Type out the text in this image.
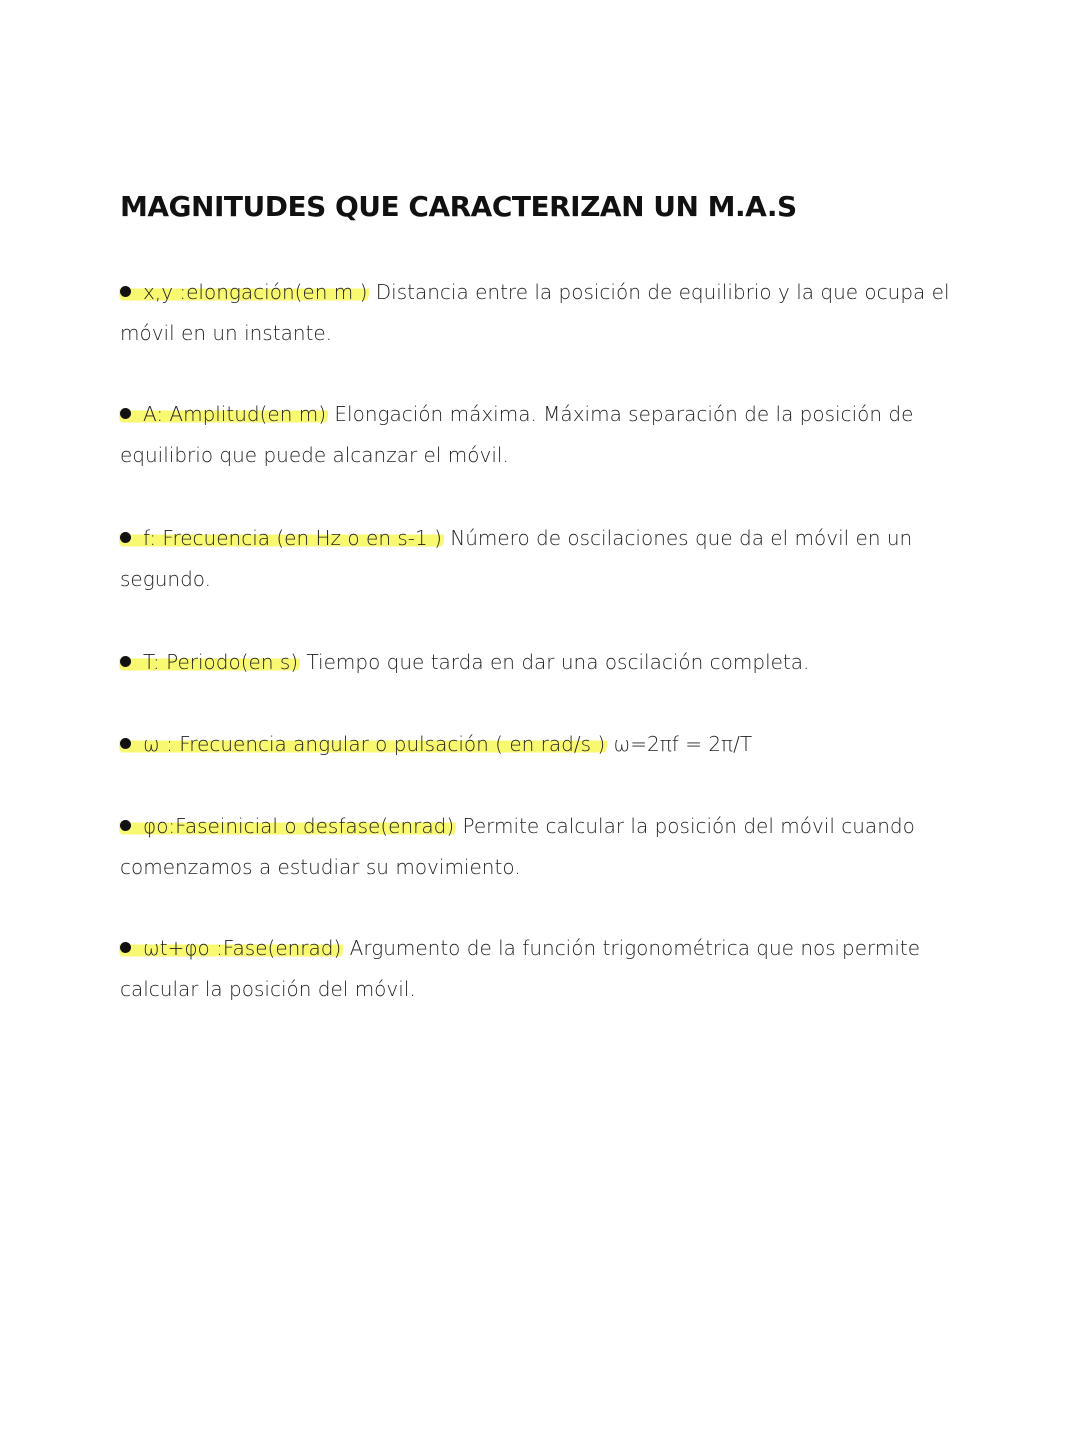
MAGNITUDES QUE CARACTERIZAN UN M.A.S
x,y :elongación(en m ) Distancia entre la posición de equilibrio y la que ocupa el móvil en un instante.
A: Amplitud(en m) Elongación máxima. Máxima separación de la posición de equilibrio que puede alcanzar el móvil.
f: Frecuencia (en Hz o en s-1 ) Número de oscilaciones que da el móvil en un segundo.
T: Periodo(en s) Tiempo que tarda en dar una oscilación completa.
ω : Frecuencia angular o pulsación ( en rad/s ) ω=2πf = 2π/T
φo:Faseinicial o desfase(enrad) Permite calcular la posición del móvil cuando comenzamos a estudiar su movimiento.
ωt+φo :Fase(enrad) Argumento de la función trigonométrica que nos permite calcular la posición del móvil.
